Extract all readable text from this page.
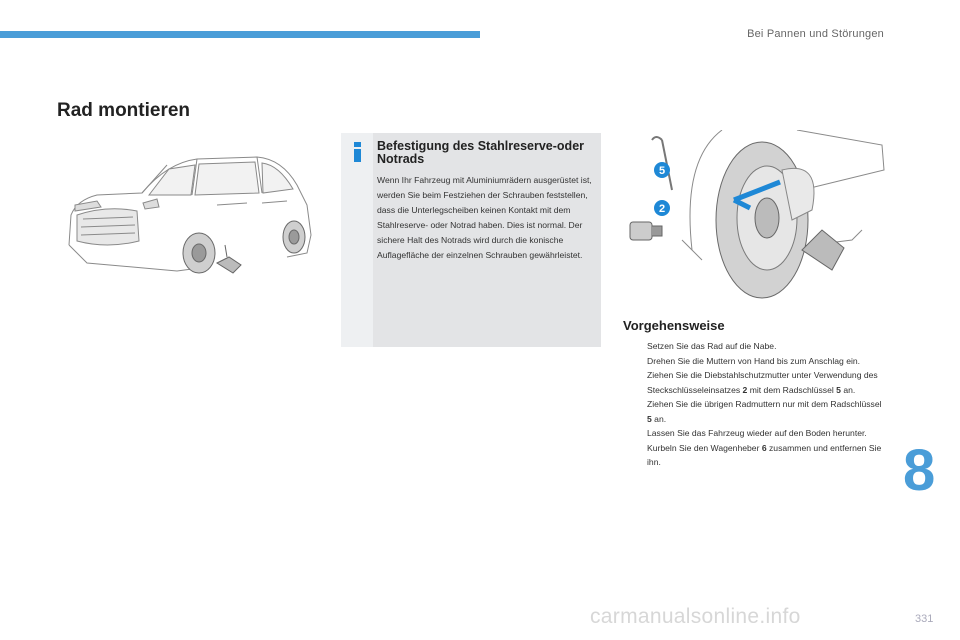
Bei Pannen und Störungen
Rad montieren
Befestigung des Stahlreserve-oder Notrads

Wenn Ihr Fahrzeug mit Aluminiumrädern ausgerüstet ist, werden Sie beim Festziehen der Schrauben feststellen, dass die Unterlegscheiben keinen Kontakt mit dem Stahlreserve- oder Notrad haben. Dies ist normal. Der sichere Halt des Notrads wird durch die konische Auflagefläche der einzelnen Schrauben gewährleistet.

5
2
Vorgehensweise
Setzen Sie das Rad auf die Nabe.
Drehen Sie die Muttern von Hand bis zum Anschlag ein.
Ziehen Sie die Diebstahlschutzmutter unter Verwendung des Steckschlüsseleinsatzes 2 mit dem Radschlüssel 5 an.
Ziehen Sie die übrigen Radmuttern nur mit dem Radschlüssel 5 an.
Lassen Sie das Fahrzeug wieder auf den Boden herunter.
Kurbeln Sie den Wagenheber 6 zusammen und entfernen Sie ihn.	8
carmanualsonline.info	331
